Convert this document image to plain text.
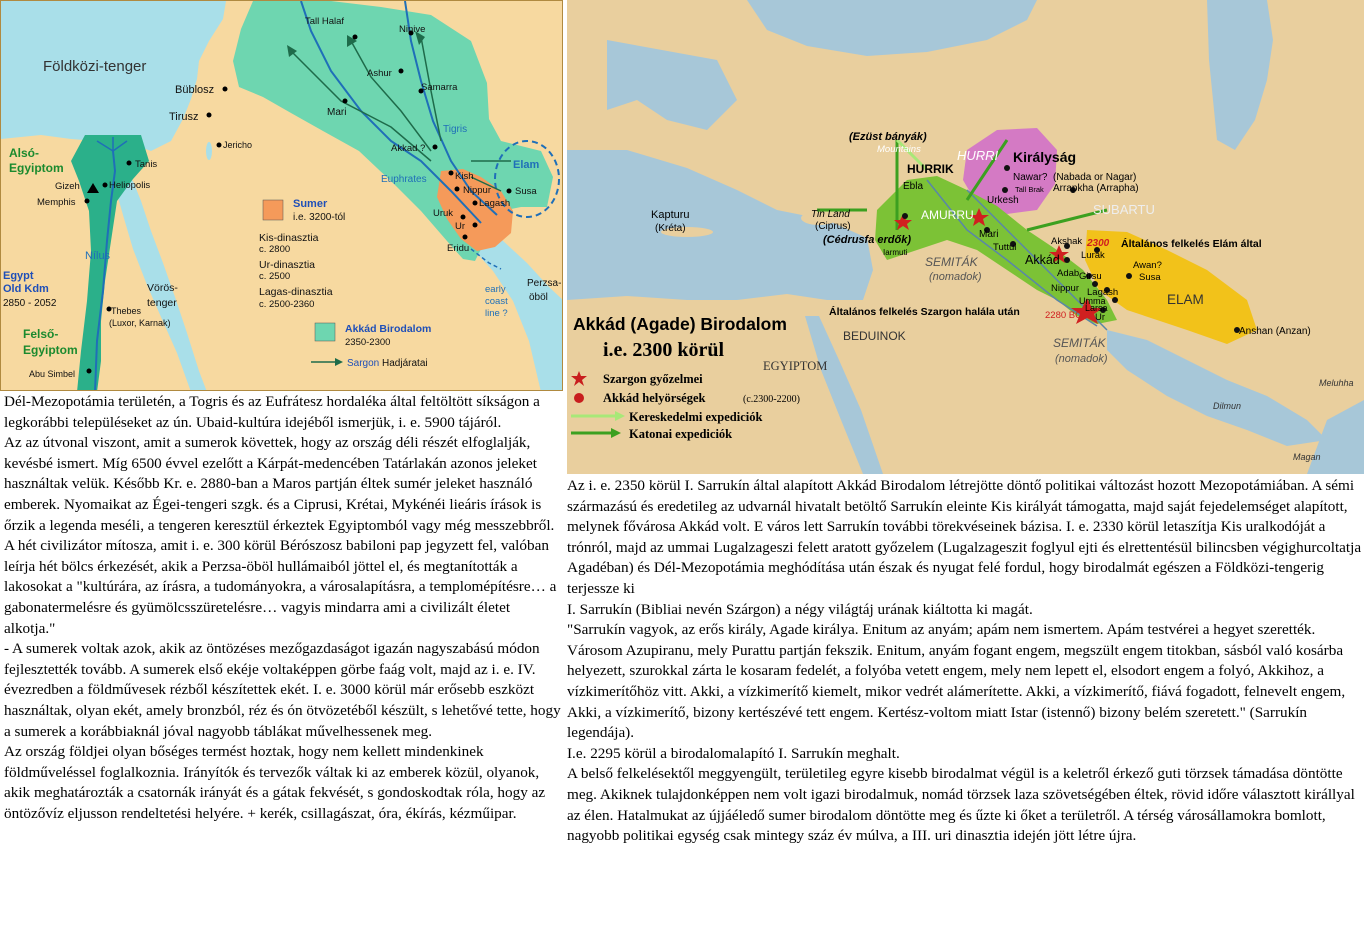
Földközi-tenger
Tall Halaf
Ninive
Ashur
Samarra
Büblosz
Mari
Tirusz
Jericho
Tigris
Akkad ?
Elam
Kish
Euphrates
Nippur	Susa
Lagash
Uruk
Ur
Eridu
Tanis
Gizeh	Heliopolis
Memphis
Nílus
Vörös-
tenger
Thebes
(Luxor, Karnak)
Abu Simbel
early
coast
line ?
Perzsa-
öböl
Alsó-
Egyiptom
Egypt
Old Kdm
2850 - 2052
Felső-
Egyiptom
Sumer
i.e. 3200-tól
Kis-dinasztia
c. 2800
Ur-dinasztia
c. 2500
Lagas-dinasztia
c. 2500-2360
Akkád Birodalom
2350-2300
Sargon Hadjáratai
(Ezüst bányák)
Mountains	HURRI Királyság
HURRIK
Ebla
Nawar? (Nabada or Nagar)
Tall Brak Arrapkha (Arrapha)
Urkesh
SUBARTU
Kapturu
(Kréta)
Tin Land
(Ciprus)
AMURRU
Mari
Tuttul
(Cédrusfa erdők)
Iarmuti
Akshak 2300 Általános felkelés Elám által
Akkád Lurak
Awan?
Susa
SEMITÁK
(nomadok)	Adab Girsu
Nippur Lagash	ELAM
Larsa
Umma
Ur
Általános felkelés Szargon halála után	2280 BC
BEDUINOK	SEMITÁK
(nomadok)
Anshan (Anzan)
EGYIPTOM
Meluhha
Dilmun
Magan
Akkád (Agade) Birodalom
i.e. 2300 körül
Szargon győzelmei
Akkád helyörségek	(c.2300-2200)
Kereskedelmi expediciók
Katonai expediciók

Dél-Mezopotámia területén, a Togris és az Eufrátesz hordaléka által feltöltött síkságon a legkorábbi településeket az ún. Ubaid-kultúra idejéből ismerjük, i. e. 5900 tájáról.

Az az útvonal viszont, amit a sumerok követtek, hogy az ország déli részét elfoglalják, kevésbé ismert. Míg 6500 évvel ezelőtt a Kárpát-medencében Tatárlakán azonos jeleket használtak velük. Később Kr. e. 2880-ban a Maros partján éltek sumér jeleket használó emberek. Nyomaikat az Égei-tengeri szgk. és a Ciprusi, Krétai, Mykénéi lieáris írások is őrzik a legenda meséli, a tengeren keresztül érkeztek Egyiptomból vagy még messzebbről.

A hét civilizátor mítosza, amit i. e. 300 körül Bérószosz babiloni pap jegyzett fel, valóban leírja hét bölcs érkezését, akik a Perzsa-öböl hullámaiból jöttel el, és megtanították a lakosokat a "kultúrára, az írásra, a tudományokra, a városalapításra, a templomépítésre… a gabonatermelésre és gyümölcsszüretelésre… vagyis mindarra ami a civilizált életet alkotja."

- A sumerek voltak azok, akik az öntözéses mezőgazdaságot igazán nagyszabású módon fejlesztették tovább. A sumerek első ekéje voltaképpen görbe faág volt, majd az i. e. IV. évezredben a földművesek rézből készítettek ekét. I. e. 3000 körül már erősebb eszközt használtak, olyan ekét, amely bronzból, réz és ón ötvözetéből készült, s lehetővé tette, hogy a sumerek a korábbiaknál jóval nagyobb táblákat művelhessenek meg.

Az ország földjei olyan bőséges termést hoztak, hogy nem kellett mindenkinek földműveléssel foglalkoznia. Irányítók és tervezők váltak ki az emberek közül, olyanok, akik meghatározták a csatornák irányát és a gátak fekvését, s gondoskodtak róla, hogy az öntözővíz eljusson rendeltetési helyére. + kerék, csillagászat, óra, ékírás, kézműipar.

Az i. e. 2350 körül I. Sarrukín által alapított Akkád Birodalom létrejötte döntő politikai változást hozott Mezopotámiában. A sémi származású és eredetileg az udvarnál hivatalt betöltő Sarrukín eleinte Kis királyát támogatta, majd saját fejedelemséget alapított, melynek fővárosa Akkád volt. E város lett Sarrukín további törekvéseinek bázisa. I. e. 2330 körül letaszítja Kis uralkodóját a trónról, majd az ummai Lugalzageszi felett aratott győzelem (Lugalzageszit foglyul ejti és elrettentésül bilincsben végighurcoltatja Agadéban) és Dél-Mezopotámia meghódítása után észak és nyugat felé fordul, hogy birodalmát egészen a Földközi-tengerig terjessze ki

I. Sarrukín (Bibliai nevén Szárgon) a négy világtáj urának kiáltotta ki magát.

"Sarrukín vagyok, az erős király, Agade királya. Enitum az anyám; apám nem ismertem. Apám testvérei a hegyet szerették. Városom Azupiranu, mely Purattu partján fekszik. Enitum, anyám fogant engem, megszült engem titokban, sásból való kosárba helyezett, szurokkal zárta le kosaram fedelét, a folyóba vetett engem, mely nem lepett el, elsodort engem a folyó, Akkihoz, a vízkimerítőhöz vitt. Akki, a vízkimerítő kiemelt, mikor vedrét alámerítette. Akki, a vízkimerítő, fiává fogadott, felnevelt engem, Akki, a vízkimerítő, bizony kertészévé tett engem. Kertész-voltom miatt Istar (istennő) bizony belém szeretett." (Sarrukín legendája).

I.e. 2295 körül a birodalomalapító I. Sarrukín meghalt.

A belső felkelésektől meggyengült, területileg egyre kisebb birodalmat végül is a keletről érkező guti törzsek támadása döntötte meg. Akiknek tulajdonképpen nem volt igazi birodalmuk, nomád törzsek laza szövetségében éltek, rövid időre választott királlyal az élen. Hatalmukat az újjáéledő sumer birodalom döntötte meg és űzte ki őket a területről. A térség városállamokra bomlott, nagyobb politikai egység csak mintegy száz év múlva, a III. uri dinasztia idején jött létre újra.
